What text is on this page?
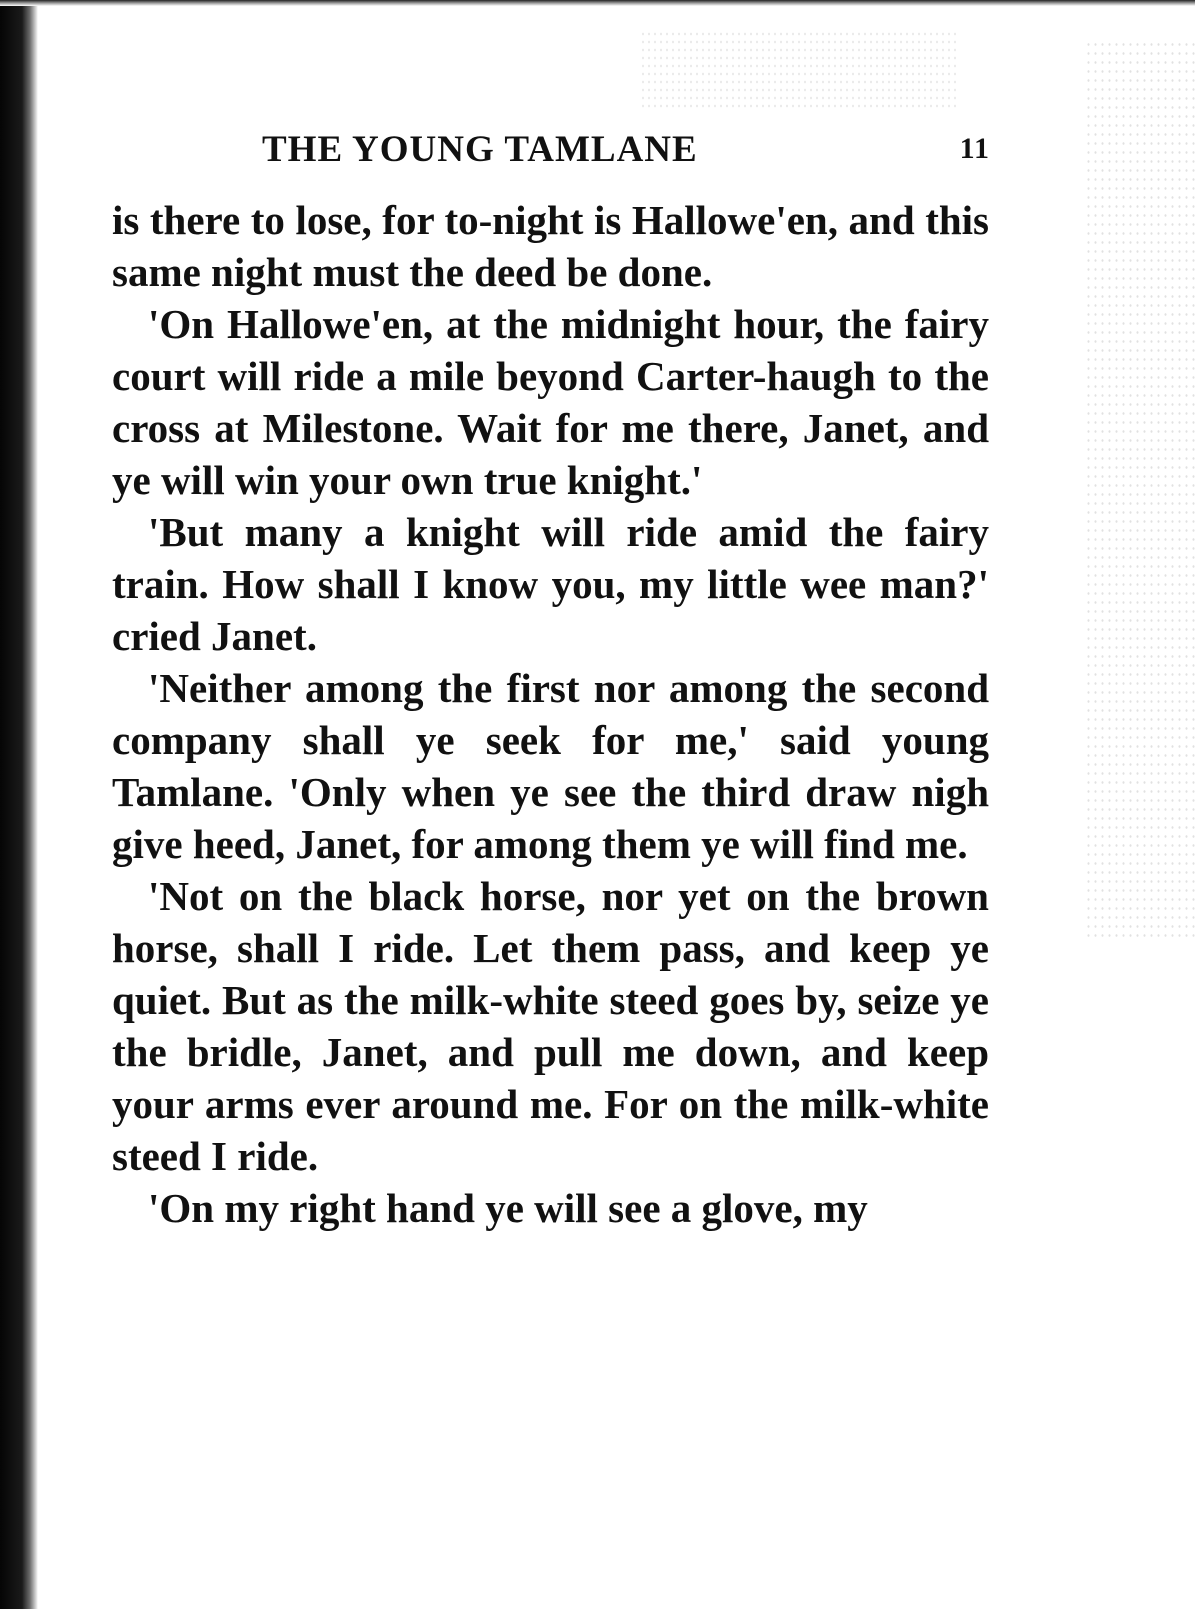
THE YOUNG TAMLANE	11

is there to lose, for to-night is Hallowe'en, and this same night must the deed be done.

'On Hallowe'en, at the midnight hour, the fairy court will ride a mile beyond Carter-haugh to the cross at Milestone. Wait for me there, Janet, and ye will win your own true knight.'

'But many a knight will ride amid the fairy train. How shall I know you, my little wee man?' cried Janet.

'Neither among the first nor among the second company shall ye seek for me,' said young Tamlane. 'Only when ye see the third draw nigh give heed, Janet, for among them ye will find me.

'Not on the black horse, nor yet on the brown horse, shall I ride. Let them pass, and keep ye quiet. But as the milk-white steed goes by, seize ye the bridle, Janet, and pull me down, and keep your arms ever around me. For on the milk-white steed I ride.

'On my right hand ye will see a glove, my
